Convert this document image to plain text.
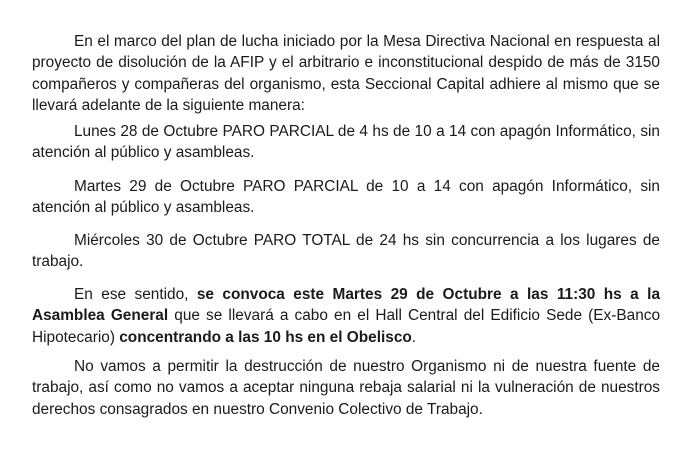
En el marco del plan de lucha iniciado por la Mesa Directiva Nacional en respuesta al proyecto de disolución de la AFIP y el arbitrario e inconstitucional despido de más de 3150 compañeros y compañeras del organismo, esta Seccional Capital adhiere al mismo que se llevará adelante de la siguiente manera:

Lunes 28 de Octubre PARO PARCIAL de 4 hs de 10 a 14 con apagón Informático, sin atención al público y asambleas.

Martes 29 de Octubre PARO PARCIAL de 10 a 14 con apagón Informático, sin atención al público y asambleas.

Miércoles 30 de Octubre PARO TOTAL de 24 hs sin concurrencia a los lugares de trabajo.

En ese sentido, se convoca este Martes 29 de Octubre a las 11:30 hs a la Asamblea General que se llevará a cabo en el Hall Central del Edificio Sede (Ex-Banco Hipotecario) concentrando a las 10 hs en el Obelisco.

No vamos a permitir la destrucción de nuestro Organismo ni de nuestra fuente de trabajo, así como no vamos a aceptar ninguna rebaja salarial ni la vulneración de nuestros derechos consagrados en nuestro Convenio Colectivo de Trabajo.
